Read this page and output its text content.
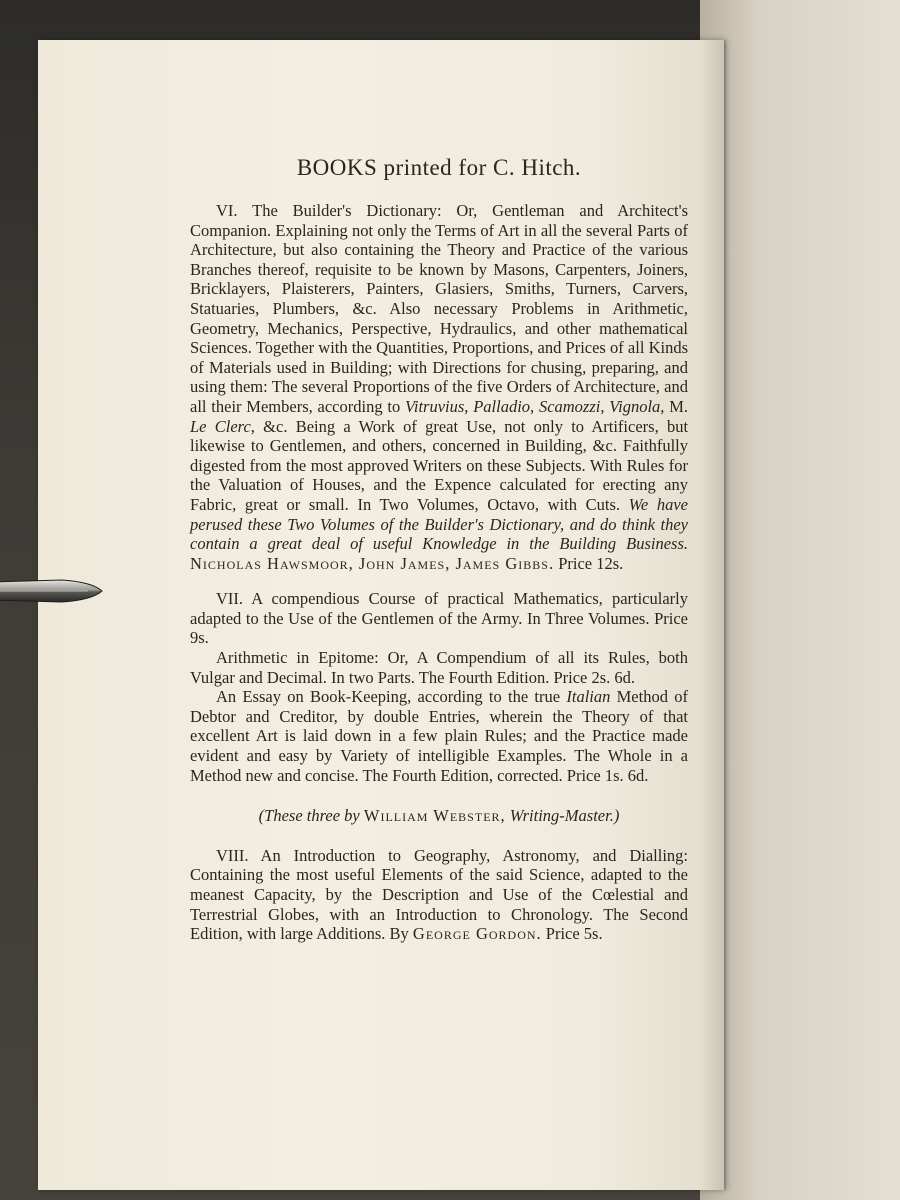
BOOKS printed for C. Hitch.

VI. The Builder's Dictionary: Or, Gentleman and Architect's Companion. Explaining not only the Terms of Art in all the several Parts of Architecture, but also containing the Theory and Practice of the various Branches thereof, requisite to be known by Masons, Carpenters, Joiners, Bricklayers, Plaisterers, Painters, Glasiers, Smiths, Turners, Carvers, Statuaries, Plumbers, &c. Also necessary Problems in Arithmetic, Geometry, Mechanics, Perspective, Hydraulics, and other mathematical Sciences. Together with the Quantities, Proportions, and Prices of all Kinds of Materials used in Building; with Directions for chusing, preparing, and using them: The several Proportions of the five Orders of Architecture, and all their Members, according to Vitruvius, Palladio, Scamozzi, Vignola, M. Le Clerc, &c. Being a Work of great Use, not only to Artificers, but likewise to Gentlemen, and others, concerned in Building, &c. Faithfully digested from the most approved Writers on these Subjects. With Rules for the Valuation of Houses, and the Expence calculated for erecting any Fabric, great or small. In Two Volumes, Octavo, with Cuts. We have perused these Two Volumes of the Builder's Dictionary, and do think they contain a great deal of useful Knowledge in the Building Business. Nicholas Hawsmoor, John James, James Gibbs. Price 12s.

VII. A compendious Course of practical Mathematics, particularly adapted to the Use of the Gentlemen of the Army. In Three Volumes. Price 9s.

Arithmetic in Epitome: Or, A Compendium of all its Rules, both Vulgar and Decimal. In two Parts. The Fourth Edition. Price 2s. 6d.

An Essay on Book-Keeping, according to the true Italian Method of Debtor and Creditor, by double Entries, wherein the Theory of that excellent Art is laid down in a few plain Rules; and the Practice made evident and easy by Variety of intelligible Examples. The Whole in a Method new and concise. The Fourth Edition, corrected. Price 1s. 6d.

(These three by William Webster, Writing-Master.)

VIII. An Introduction to Geography, Astronomy, and Dialling: Containing the most useful Elements of the said Science, adapted to the meanest Capacity, by the Description and Use of the Cœlestial and Terrestrial Globes, with an Introduction to Chronology. The Second Edition, with large Additions. By George Gordon. Price 5s.
